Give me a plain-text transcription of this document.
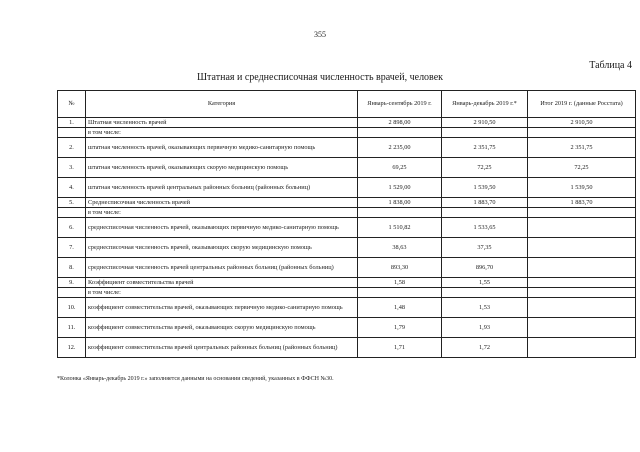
355
Таблица 4
Штатная и среднесписочная численность врачей, человек
№	Категория	Январь-сентябрь 2019 г.	Январь-декабрь 2019 г.*	Итог 2019 г. (данные Росстата)
1.	Штатная численность врачей	2 898,00	2 910,50	2 910,50
	в том числе:			
2.	штатная численность врачей, оказывающих первичную медико-санитарную помощь	2 235,00	2 351,75	2 351,75
3.	штатная численность врачей, оказывающих скорую медицинскую помощь	69,25	72,25	72,25
4.	штатная численность врачей центральных районных больниц (районных больниц)	1 529,00	1 539,50	1 539,50
5.	Среднесписочная численность врачей	1 838,00	1 883,70	1 883,70
	в том числе:			
6.	среднесписочная численность врачей, оказывающих первичную медико-санитарную помощь	1 510,82	1 533,65	
7.	среднесписочная численность врачей, оказывающих скорую медицинскую помощь	38,63	37,35	
8.	среднесписочная численность врачей центральных районных больниц (районных больниц)	893,30	896,70	
9.	Коэффициент совместительства врачей	1,58	1,55	
	в том числе:			
10.	коэффициент совместительства врачей, оказывающих первичную медико-санитарную помощь	1,48	1,53	
11.	коэффициент совместительства врачей, оказывающих скорую медицинскую помощь	1,79	1,93	
12.	коэффициент совместительства врачей центральных районных больниц (районных больниц)	1,71	1,72	
*Колонка «Январь-декабрь 2019 г.» заполняется данными на основании сведений, указанных в ФФСН №30.
